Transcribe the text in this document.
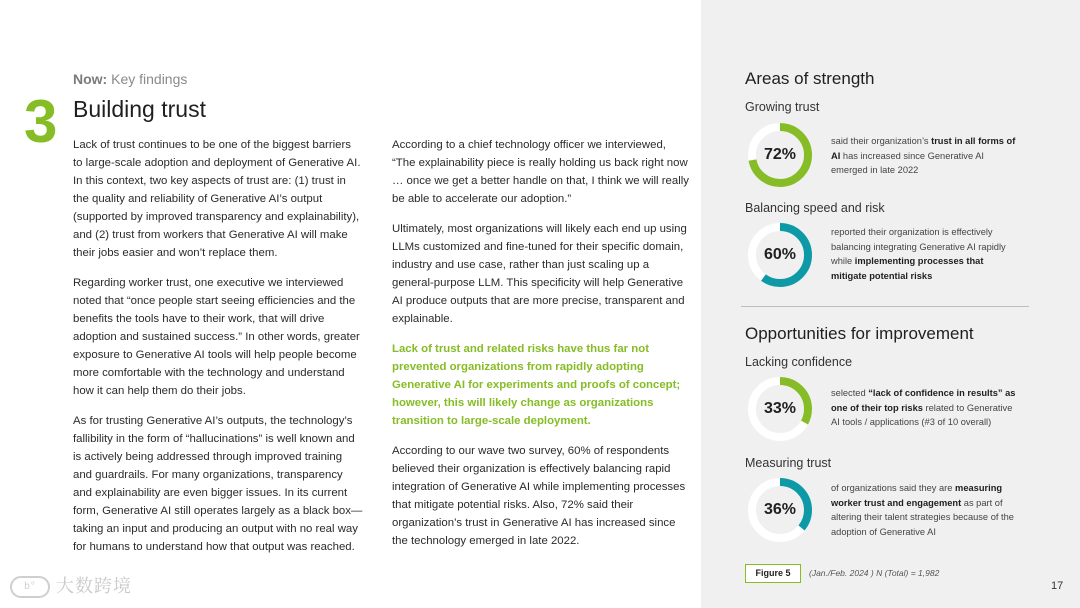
Now: Key findings
3 Building trust

Lack of trust continues to be one of the biggest barriers to large-scale adoption and deployment of Generative AI. In this context, two key aspects of trust are: (1) trust in the quality and reliability of Generative AI’s output (supported by improved transparency and explainability), and (2) trust from workers that Generative AI will make their jobs easier and won’t replace them.

Regarding worker trust, one executive we interviewed noted that “once people start seeing efficiencies and the benefits the tools have to their work, that will drive adoption and sustained success.” In other words, greater exposure to Generative AI tools will help people become more comfortable with the technology and understand how it can help them do their jobs.

As for trusting Generative AI’s outputs, the technology’s fallibility in the form of “hallucinations” is well known and is actively being addressed through improved training and guardrails. For many organizations, transparency and explainability are even bigger issues. In its current form, Generative AI still operates largely as a black box—taking an input and producing an output with no real way for humans to understand how that output was reached.

According to a chief technology officer we interviewed, “The explainability piece is really holding us back right now … once we get a better handle on that, I think we will really be able to accelerate our adoption.”

Ultimately, most organizations will likely each end up using LLMs customized and fine-tuned for their specific domain, industry and use case, rather than just scaling up a general-purpose LLM. This specificity will help Generative AI produce outputs that are more precise, transparent and explainable.

Lack of trust and related risks have thus far not prevented organizations from rapidly adopting Generative AI for experiments and proofs of concept; however, this will likely change as organizations transition to large-scale deployment.

According to our wave two survey, 60% of respondents believed their organization is effectively balancing rapid integration of Generative AI while implementing processes that mitigate potential risks. Also, 72% said their organization’s trust in Generative AI has increased since the technology emerged in late 2022.

b° 大数跨境
Areas of strength
Growing trust
72%
said their organization’s trust in all forms of AI has increased since Generative AI emerged in late 2022
Balancing speed and risk
60%
reported their organization is effectively balancing integrating Generative AI rapidly while implementing processes that mitigate potential risks
Opportunities for improvement
Lacking confidence
33%
selected “lack of confidence in results” as one of their top risks related to Generative AI tools / applications (#3 of 10 overall)
Measuring trust
36%
of organizations said they are measuring worker trust and engagement as part of altering their talent strategies because of the adoption of Generative AI
Figure 5	(Jan./Feb. 2024 ) N (Total) = 1,982
17
